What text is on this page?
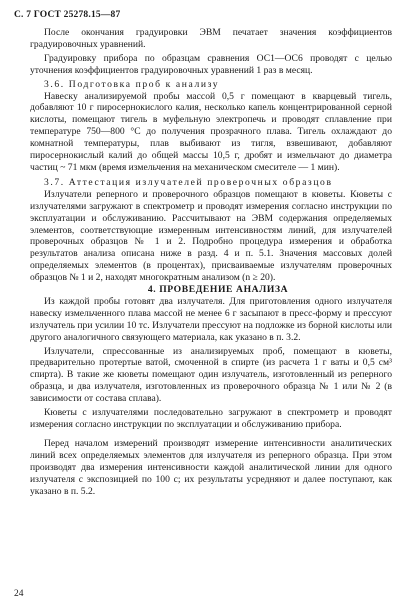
С. 7 ГОСТ 25278.15—87

После окончания градуировки ЭВМ печатает значения коэффициентов градуировочных уравнений.

Градуировку прибора по образцам сравнения ОС1—ОС6 проводят с целью уточнения коэффициентов градуировочных уравнений 1 раз в месяц.

3.6. Подготовка проб к анализу

Навеску анализируемой пробы массой 0,5 г помещают в кварцевый тигель, добавляют 10 г пиросернокислого калия, несколько капель концентрированной серной кислоты, помещают тигель в муфельную электропечь и проводят сплавление при температуре 750—800 °С до получения прозрачного плава. Тигель охлаждают до комнатной температуры, плав выбивают из тигля, взвешивают, добавляют пиросернокислый калий до общей массы 10,5 г, дробят и измельчают до диаметра частиц ~ 71 мкм (время измельчения на механическом смесителе — 1 мин).

3.7. Аттестация излучателей проверочных образцов

Излучатели реперного и проверочного образцов помещают в кюветы. Кюветы с излучателями загружают в спектрометр и проводят измерения согласно инструкции по эксплуатации и обслуживанию. Рассчитывают на ЭВМ содержания определяемых элементов, соответствующие измеренным интенсивностям линий, для излучателей проверочных образцов № 1 и 2. Подробно процедура измерения и обработка результатов анализа описана ниже в разд. 4 и п. 5.1. Значения массовых долей определяемых элементов (в процентах), присваиваемые излучателям проверочных образцов № 1 и 2, находят многократным анализом (n ≥ 20).

4. ПРОВЕДЕНИЕ АНАЛИЗА

Из каждой пробы готовят два излучателя. Для приготовления одного излучателя навеску измельченного плава массой не менее 6 г засыпают в пресс-форму и прессуют излучатель при усилии 10 тс. Излучатели прессуют на подложке из борной кислоты или другого аналогичного связующего материала, как указано в п. 3.2.

Излучатели, спрессованные из анализируемых проб, помещают в кюветы, предварительно протертые ватой, смоченной в спирте (из расчета 1 г ваты и 0,5 см³ спирта). В такие же кюветы помещают один излучатель, изготовленный из реперного образца, и два излучателя, изготовленных из проверочного образца № 1 или № 2 (в зависимости от состава сплава).

Кюветы с излучателями последовательно загружают в спектрометр и проводят измерения согласно инструкции по эксплуатации и обслуживанию прибора.

Перед началом измерений производят измерение интенсивности аналитических линий всех определяемых элементов для излучателя из реперного образца. При этом производят два измерения интенсивности каждой аналитической линии для одного излучателя с экспозицией по 100 с; их результаты усредняют и далее поступают, как указано в п. 5.2.

24
